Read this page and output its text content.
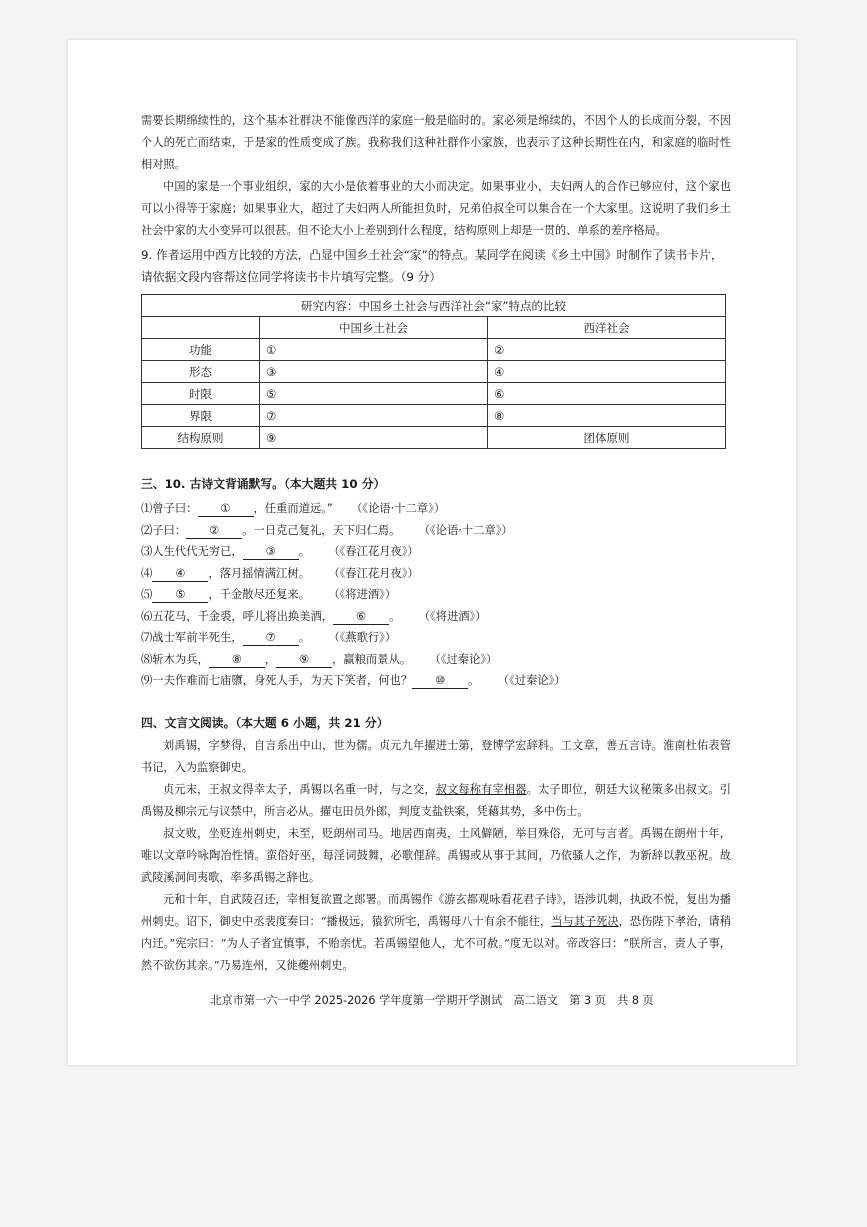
需要长期绵续性的，这个基本社群决不能像西洋的家庭一般是临时的。家必须是绵续的，不因个人的长成而分裂，不因个人的死亡而结束，于是家的性质变成了族。我称我们这种社群作小家族，也表示了这种长期性在内，和家庭的临时性相对照。

中国的家是一个事业组织，家的大小是依着事业的大小而决定。如果事业小，夫妇两人的合作已够应付，这个家也可以小得等于家庭；如果事业大，超过了夫妇两人所能担负时，兄弟伯叔全可以集合在一个大家里。这说明了我们乡土社会中家的大小变异可以很甚。但不论大小上差别到什么程度，结构原则上却是一贯的、单系的差序格局。

9. 作者运用中西方比较的方法，凸显中国乡土社会“家”的特点。某同学在阅读《乡土中国》时制作了读书卡片，请依据文段内容帮这位同学将读书卡片填写完整。（9 分）

研究内容：中国乡土社会与西洋社会“家”特点的比较		
	中国乡土社会	西洋社会
功能	①	②
形态	③	④
时限	⑤	⑥
界限	⑦	⑧
结构原则	⑨	团体原则

三、10. 古诗文背诵默写。（本大题共 10 分）

⑴曾子曰： ① ，任重而道远。” （《论语·十二章》）

⑵子曰： ② 。一日克己复礼，天下归仁焉。 （《论语·十二章》）

⑶人生代代无穷已， ③ 。 （《春江花月夜》）

⑷ ④ ，落月摇情满江树。 （《春江花月夜》）

⑸ ⑤ ，千金散尽还复来。 （《将进酒》）

⑹五花马，千金裘，呼儿将出换美酒， ⑥ 。 （《将进酒》）

⑺战士军前半死生， ⑦ 。 （《燕歌行》）

⑻斩木为兵， ⑧ ， ⑨ ，赢粮而景从。 （《过秦论》）

⑼一夫作难而七庙隳，身死人手，为天下笑者，何也？ ⑩ 。 （《过秦论》）

四、文言文阅读。（本大题 6 小题，共 21 分）

刘禹锡，字梦得，自言系出中山，世为儒。贞元九年擢进士第，登博学宏辞科。工文章，善五言诗。淮南杜佑表管书记，入为监察御史。

贞元末，王叔文得幸太子，禹锡以名重一时，与之交，叔文每称有宰相器。太子即位，朝廷大议秘策多出叔文。引禹锡及柳宗元与议禁中，所言必从。擢屯田员外郎，判度支盐铁案，凭藉其势，多中伤士。

叔文败，坐贬连州刺史，未至，贬朗州司马。地居西南夷，土风僻陋，举目殊俗，无可与言者。禹锡在朗州十年，唯以文章吟咏陶冶性情。蛮俗好巫，每淫词鼓舞，必歌俚辞。禹锡或从事于其间，乃依骚人之作，为新辞以教巫祝。故武陵溪洞间夷歌，率多禹锡之辞也。

元和十年，自武陵召还，宰相复欲置之郎署。而禹锡作《游玄都观咏看花君子诗》，语涉讥刺，执政不悦，复出为播州刺史。诏下，御史中丞裴度奏曰：“播极远，猿狖所宅，禹锡母八十有余不能往，当与其子死决，恐伤陛下孝治，请稍内迁。”宪宗曰：“为人子者宜慎事，不贻亲忧。若禹锡望他人，尤不可赦。”度无以对。帝改容曰：“朕所言，责人子事，然不欲伤其亲。”乃易连州，又徙夔州刺史。

北京市第一六一中学 2025-2026 学年度第一学期开学测试　高二语文　第 3 页　共 8 页
